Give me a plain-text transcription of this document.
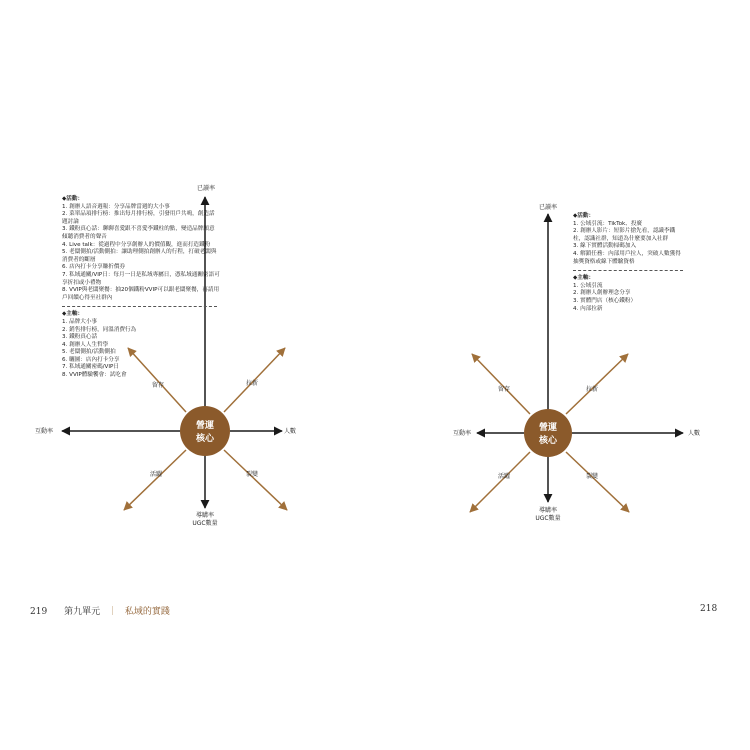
營運
核心
已讀率
導購率
UGC數量
互動率	人數
留存	拉新
活躍	裂變
營運
核心
已讀率
導購率
UGC數量
互動率	人數
留存	拉新
活躍	裂變
◆活動：
1. 創辦人語音週報：分享品牌當週的大小事
2. 菜單品項排行榜：推出每月排行榜，引發用戶共鳴，創造話題討論
3. 鐵粉真心話：聊聊喜愛跟不喜愛李鐵柱的點，變造品牌願意傾聽消費者的聲音
4. Live talk：從過程中分享創辦人的價值觀，進而打造鐵粉
5. 老闆側拍/活動側拍：讓助理側拍創辦人的行程，打破老闆與消費者的斷層
6. 店內打卡分享賺折價券
7. 私域通關/VIP日：每月一日是私域專屬日，憑私域通關密語可享折扣或小禮物
8. VVIP與老闆聚餐：抽20個鐵粉VVIP可以跟老闆聚餐，再請用戶回饋心得至社群內
◆主軸：
1. 品牌大小事
2. 銷售排行榜，同溫消費行為
3. 鐵粉真心話
4. 創辦人人生哲學
5. 老闆側拍/活動側拍
6. 曬圖：店內打卡分享
7. 私域通關密碼/VIP日
8. VVIP體驗饗會：試吃會
◆活動：
1. 公域引流：TikTok、投廣
2. 創辦人影片：短影片搶先看，認識李鐵柱，認識社群，知道為什麼要加入社群
3. 線下實體活動掃碼加入
4. 解鎖任務：內部用戶拉人，突破人數獲得抽獎資格或線下體驗資格
◆主軸：
1. 公域引流
2. 創辦人創辦理念分享
3. 實體門店（核心鐵粉）
4. 內部拉新
219 第九單元 ｜ 私域的實踐	218
